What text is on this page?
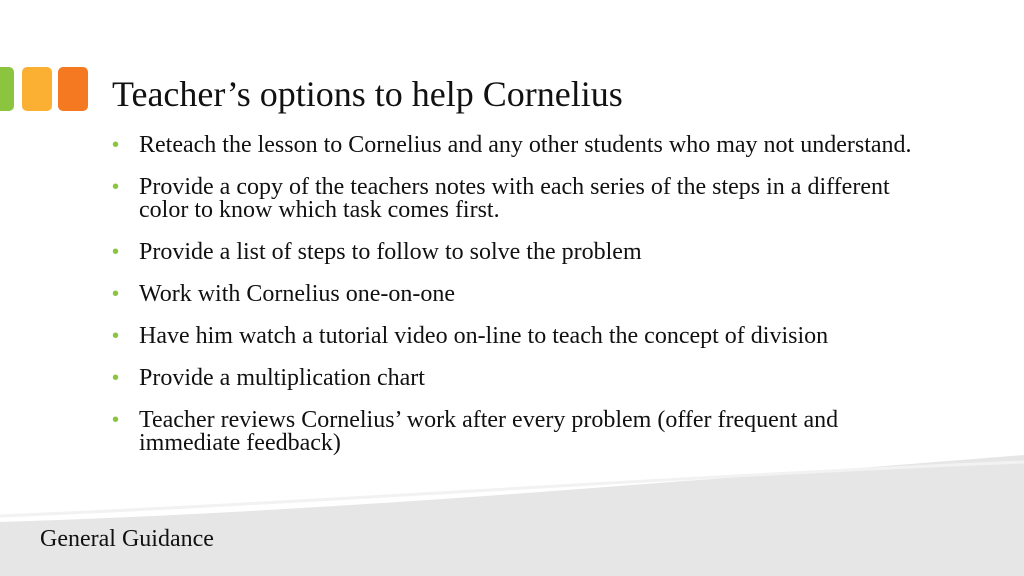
Teacher’s options to help Cornelius
• Reteach the lesson to Cornelius and any other students who may not understand.
• Provide a copy of the teachers notes with each series of the steps in a different color to know which task comes first.
• Provide a list of steps to follow to solve the problem
• Work with Cornelius one-on-one
• Have him watch a tutorial video on-line to teach the concept of division
• Provide a multiplication chart
• Teacher reviews Cornelius’ work after every problem (offer frequent and immediate feedback)
General Guidance
